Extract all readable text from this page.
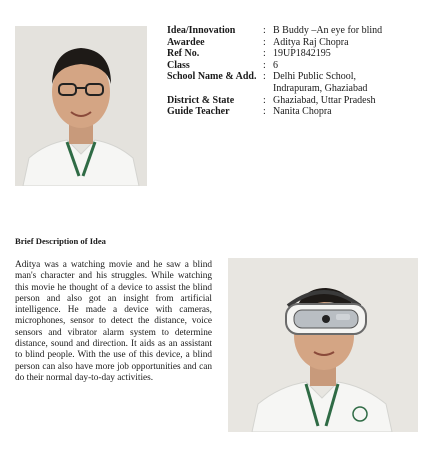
Idea/Innovation	: B Buddy –An eye for blind
Awardee	: Aditya Raj Chopra
Ref No.	: 19UP1842195
Class	: 6
School Name & Add. : Delhi Public School,
Indrapuram, Ghaziabad
District & State	: Ghaziabad, Uttar Pradesh
Guide Teacher	: Nanita Chopra
Brief Description of Idea
Aditya was a watching movie and he saw a blind man's character and his struggles. While watching this movie he thought of a device to assist the blind person and also got an insight from artificial intelligence. He made a device with cameras, microphones, sensor to detect the distance, voice sensors and vibrator alarm system to determine distance, sound and direction. It aids as an assistant to blind people. With the use of this device, a blind person can also have more job opportunities and can do their normal day-to-day activities.
